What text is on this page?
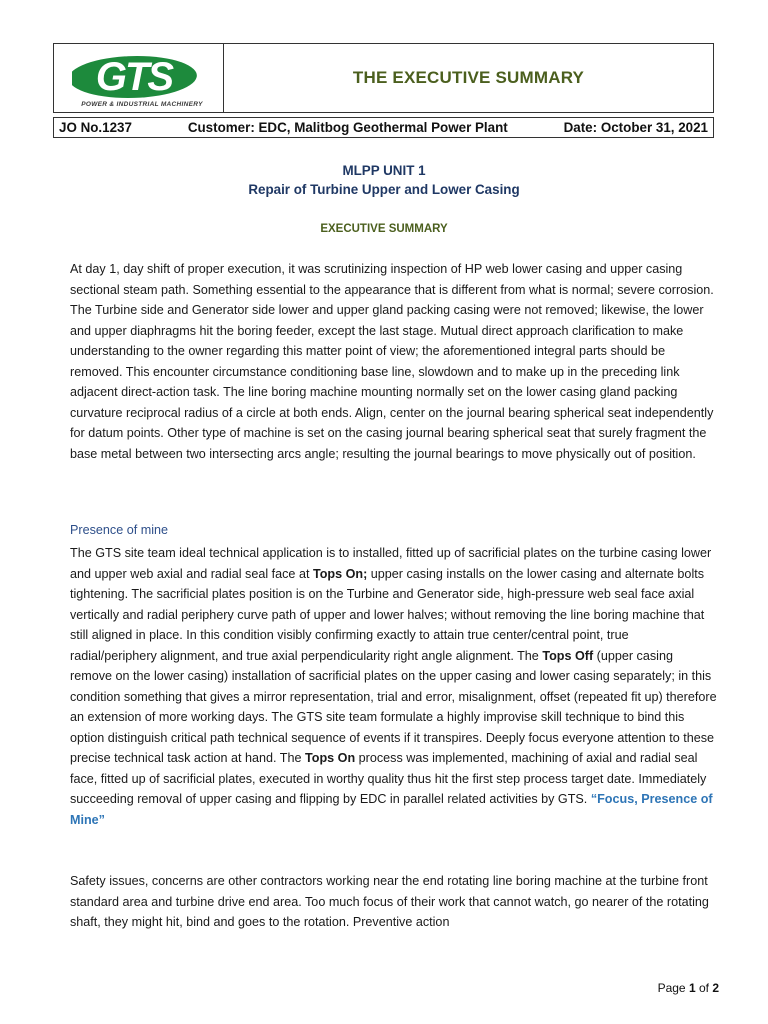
GTS
POWER & INDUSTRIAL MACHINERY
THE EXECUTIVE SUMMARY
JO No.1237	Customer: EDC, Malitbog Geothermal Power Plant	Date: October 31, 2021
MLPP UNIT 1
Repair of Turbine Upper and Lower Casing
EXECUTIVE SUMMARY
At day 1, day shift of proper execution, it was scrutinizing inspection of HP web lower casing and upper casing sectional steam path. Something essential to the appearance that is different from what is normal; severe corrosion. The Turbine side and Generator side lower and upper gland packing casing were not removed; likewise, the lower and upper diaphragms hit the boring feeder, except the last stage. Mutual direct approach clarification to make understanding to the owner regarding this matter point of view; the aforementioned integral parts should be removed. This encounter circumstance conditioning base line, slowdown and to make up in the preceding link adjacent direct-action task. The line boring machine mounting normally set on the lower casing gland packing curvature reciprocal radius of a circle at both ends. Align, center on the journal bearing spherical seat independently for datum points. Other type of machine is set on the casing journal bearing spherical seat that surely fragment the base metal between two intersecting arcs angle; resulting the journal bearings to move physically out of position.
Presence of mine
The GTS site team ideal technical application is to installed, fitted up of sacrificial plates on the turbine casing lower and upper web axial and radial seal face at Tops On; upper casing installs on the lower casing and alternate bolts tightening. The sacrificial plates position is on the Turbine and Generator side, high-pressure web seal face axial vertically and radial periphery curve path of upper and lower halves; without removing the line boring machine that still aligned in place. In this condition visibly confirming exactly to attain true center/central point, true radial/periphery alignment, and true axial perpendicularity right angle alignment. The Tops Off (upper casing remove on the lower casing) installation of sacrificial plates on the upper casing and lower casing separately; in this condition something that gives a mirror representation, trial and error, misalignment, offset (repeated fit up) therefore an extension of more working days. The GTS site team formulate a highly improvise skill technique to bind this option distinguish critical path technical sequence of events if it transpires. Deeply focus everyone attention to these precise technical task action at hand. The Tops On process was implemented, machining of axial and radial seal face, fitted up of sacrificial plates, executed in worthy quality thus hit the first step process target date. Immediately succeeding removal of upper casing and flipping by EDC in parallel related activities by GTS. “Focus, Presence of Mine”
Safety issues, concerns are other contractors working near the end rotating line boring machine at the turbine front standard area and turbine drive end area. Too much focus of their work that cannot watch, go nearer of the rotating shaft, they might hit, bind and goes to the rotation. Preventive action
Page 1 of 2
